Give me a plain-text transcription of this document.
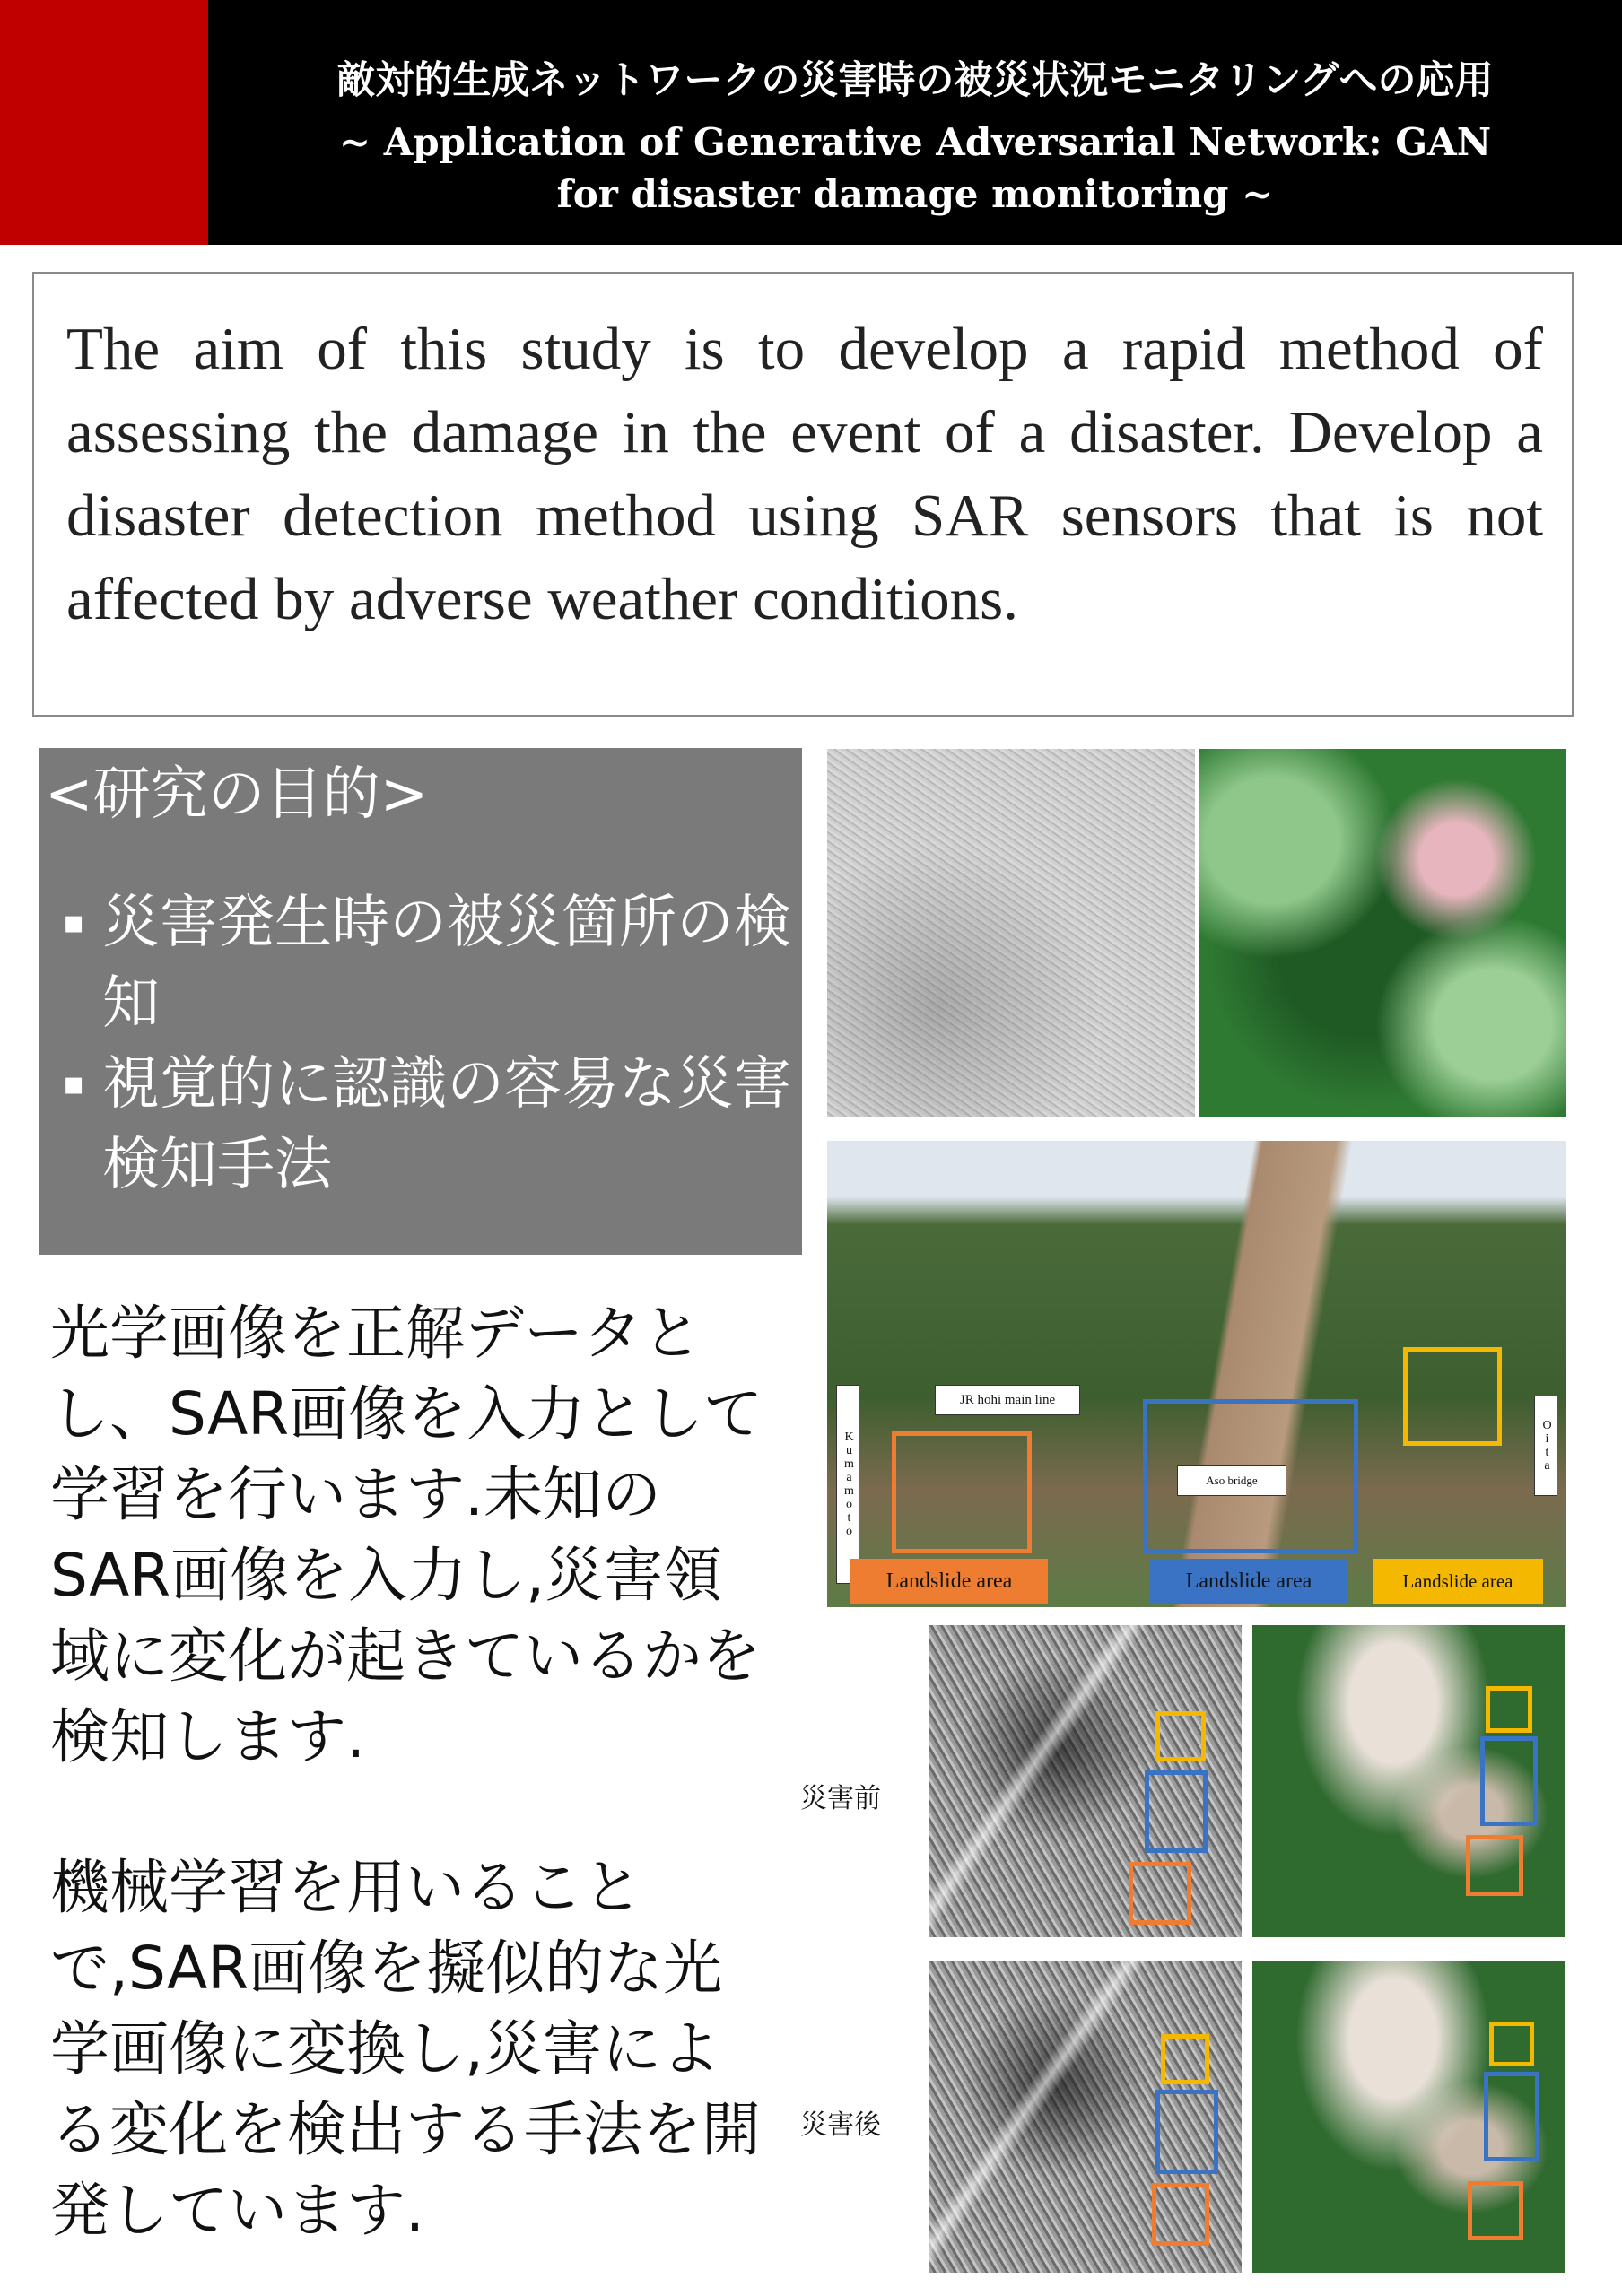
敵対的生成ネットワークの災害時の被災状況モニタリングへの応用
~ Application of Generative Adversarial Network: GAN
for disaster damage monitoring ~
The aim of this study is to develop a rapid method of assessing the damage in the event of a disaster. Develop a disaster detection method using SAR sensors that is not affected by adverse weather conditions.
<研究の目的>
▪ 災害発生時の被災箇所の検知
▪ 視覚的に認識の容易な災害検知手法
光学画像を正解データとし、SAR画像を入力として学習を行います.未知のSAR画像を入力し,災害領域に変化が起きているかを検知します.
機械学習を用いることで,SAR画像を擬似的な光学画像に変換し,災害による変化を検出する手法を開発しています.
Kumamoto	Oita
JR hohi main line
Aso bridge
Landslide area	Landslide area	Landslide area
災害前
災害後
